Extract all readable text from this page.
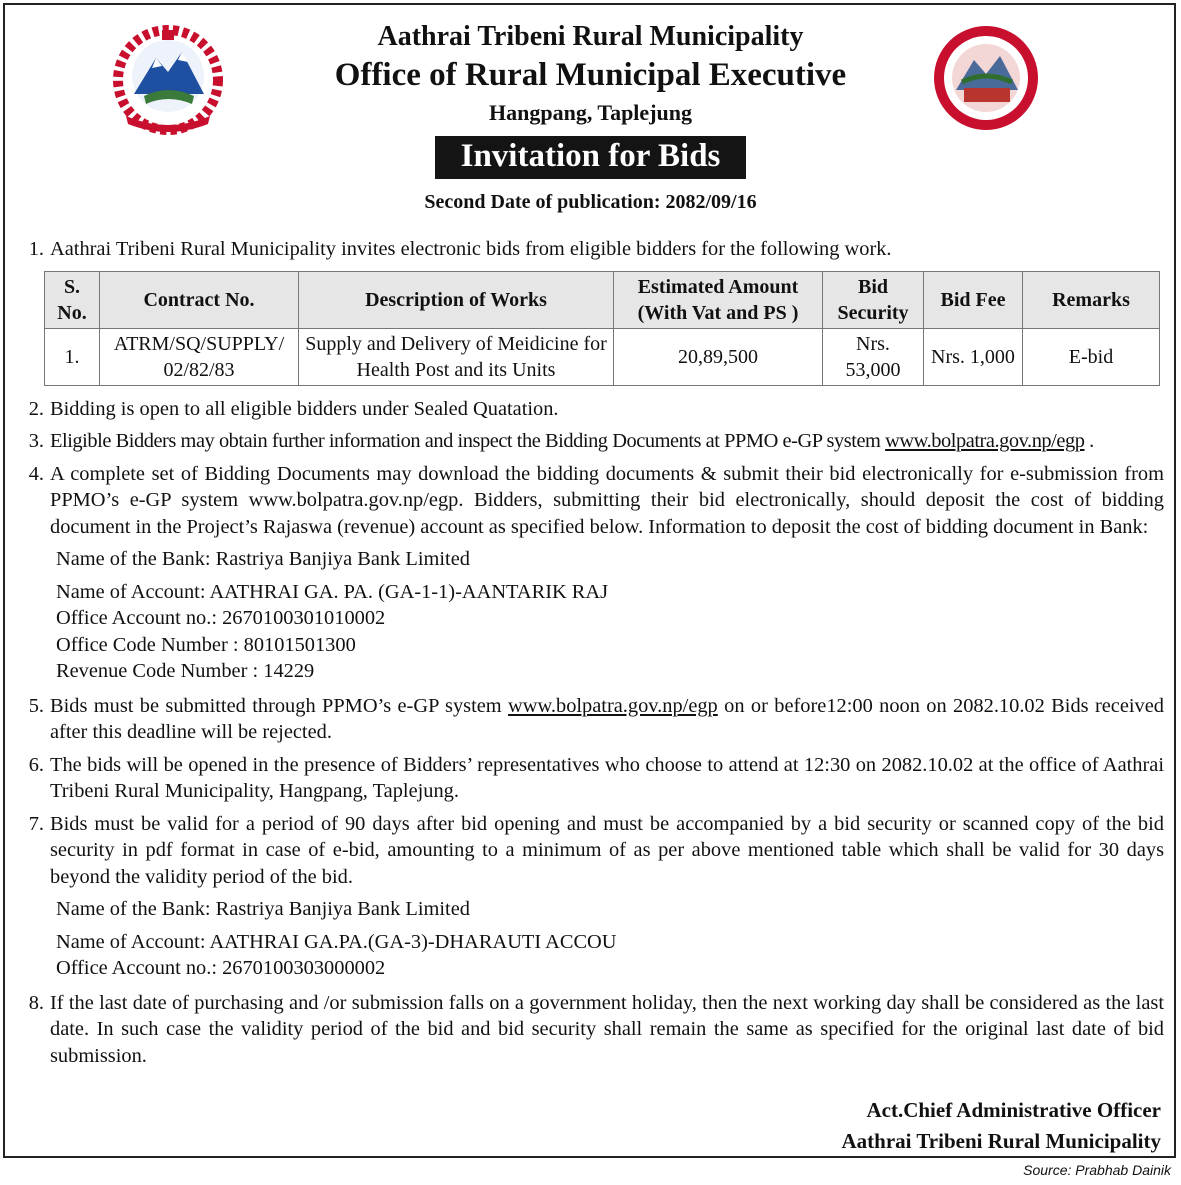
Aathrai Tribeni Rural Municipality
Office of Rural Municipal Executive
Hangpang, Taplejung
Invitation for Bids
Second Date of publication: 2082/09/16
1. Aathrai Tribeni Rural Municipality invites electronic bids from eligible bidders for the following work.
S. No.	Contract No.	Description of Works	Estimated Amount (With Vat and PS )	Bid Security	Bid Fee	Remarks
1.	ATRM/SQ/SUPPLY/ 02/82/83	Supply and Delivery of Meidicine for Health Post and its Units	20,89,500	Nrs. 53,000	Nrs. 1,000	E-bid
2. Bidding is open to all eligible bidders under Sealed Quatation.
3. Eligible Bidders may obtain further information and inspect the Bidding Documents at PPMO e-GP system www.bolpatra.gov.np/egp .
4. A complete set of Bidding Documents may download the bidding documents & submit their bid electronically for e-submission from PPMO’s e-GP system www.bolpatra.gov.np/egp. Bidders, submitting their bid electronically, should deposit the cost of bidding document in the Project’s Rajaswa (revenue) account as specified below. Information to deposit the cost of bidding document in Bank:
Name of the Bank: Rastriya Banjiya Bank Limited
Name of Account: AATHRAI GA. PA. (GA-1-1)-AANTARIK RAJ
Office Account no.: 2670100301010002
Office Code Number : 80101501300
Revenue Code Number : 14229
5. Bids must be submitted through PPMO’s e-GP system www.bolpatra.gov.np/egp on or before12:00 noon on 2082.10.02 Bids received after this deadline will be rejected.
6. The bids will be opened in the presence of Bidders’ representatives who choose to attend at 12:30 on 2082.10.02 at the office of Aathrai Tribeni Rural Municipality, Hangpang, Taplejung.
7. Bids must be valid for a period of 90 days after bid opening and must be accompanied by a bid security or scanned copy of the bid security in pdf format in case of e-bid, amounting to a minimum of as per above mentioned table which shall be valid for 30 days beyond the validity period of the bid.
Name of the Bank: Rastriya Banjiya Bank Limited
Name of Account: AATHRAI GA.PA.(GA-3)-DHARAUTI ACCOU
Office Account no.: 2670100303000002
8. If the last date of purchasing and /or submission falls on a government holiday, then the next working day shall be considered as the last date. In such case the validity period of the bid and bid security shall remain the same as specified for the original last date of bid submission.
Act.Chief Administrative Officer
Aathrai Tribeni Rural Municipality
Source: Prabhab Dainik
